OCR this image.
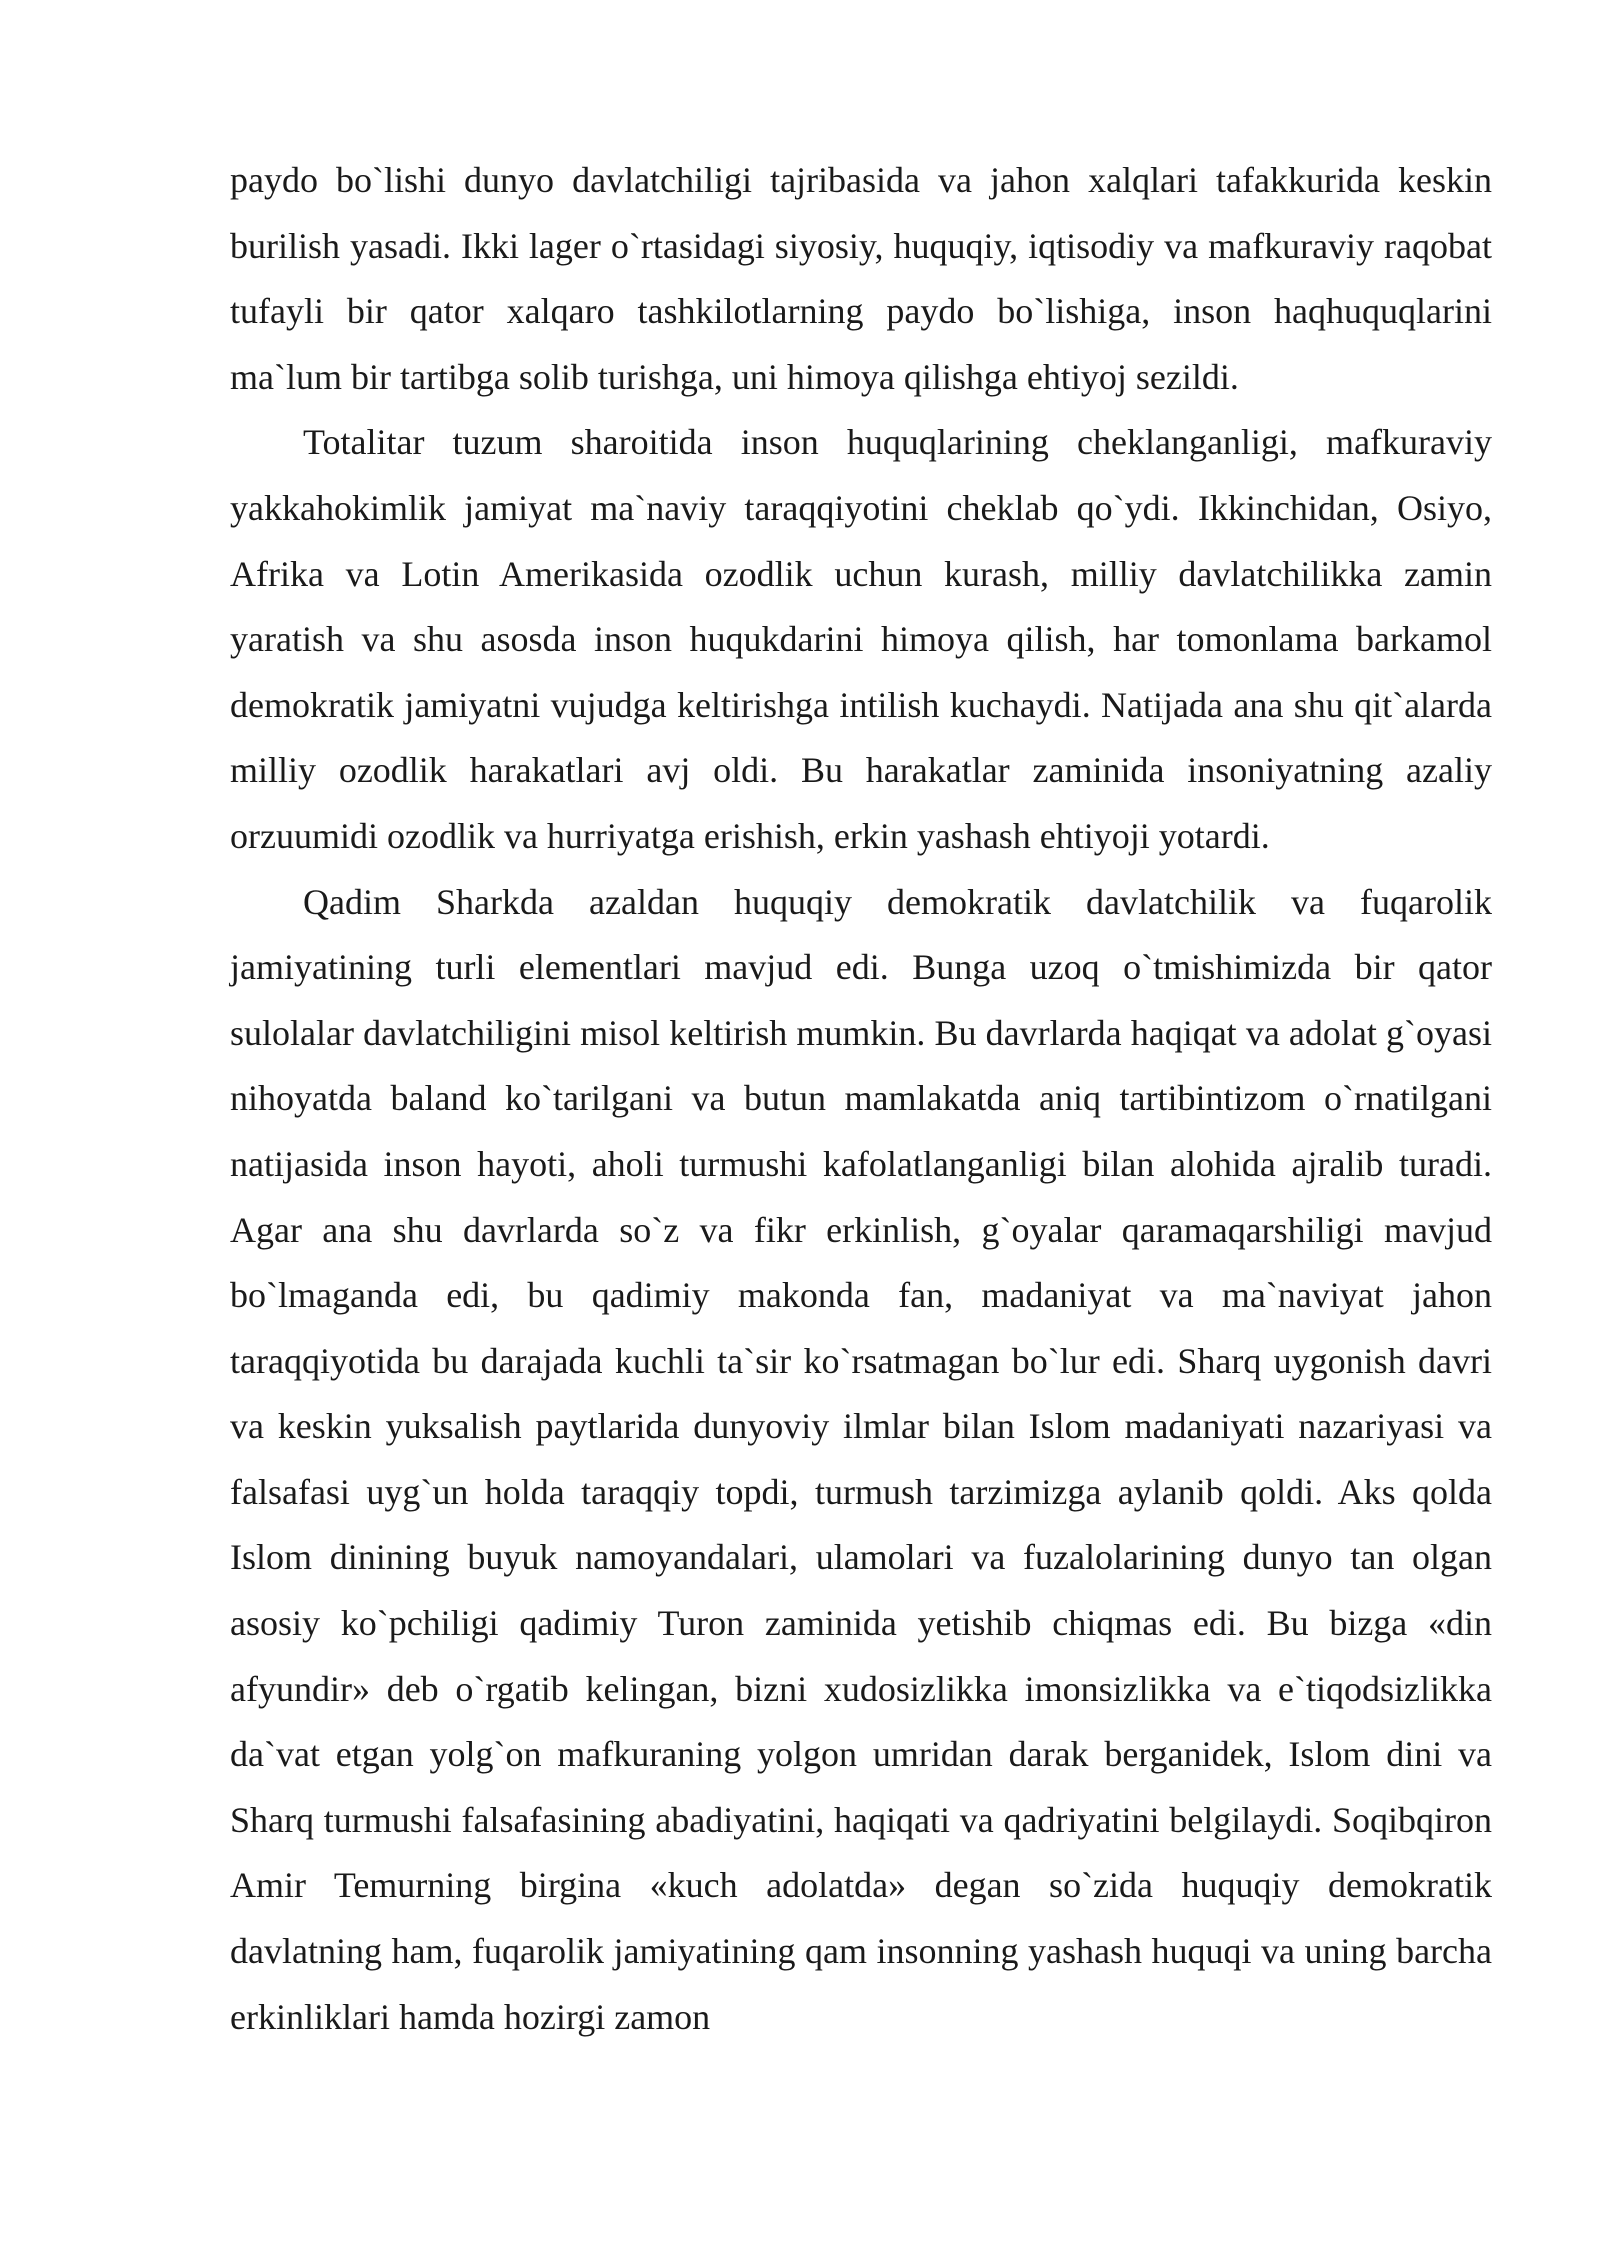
paydo bo`lishi dunyo davlatchiligi tajribasida va jahon xalqlari tafakkurida keskin burilish yasadi. Ikki lager o`rtasidagi siyosiy, huquqiy, iqtisodiy va mafkuraviy raqobat tufayli bir qator xalqaro tashkilotlarning paydo bo`lishiga, inson haqhuquqlarini ma`lum bir tartibga solib turishga, uni himoya qilishga ehtiyoj sezildi.

Totalitar tuzum sharoitida inson huquqlarining cheklanganligi, mafkuraviy yakkahokimlik jamiyat ma`naviy taraqqiyotini cheklab qo`ydi. Ikkinchidan, Osiyo, Afrika va Lotin Amerikasida ozodlik uchun kurash, milliy davlatchilikka zamin yaratish va shu asosda inson huqukdarini himoya qilish, har tomonlama barkamol demokratik jamiyatni vujudga keltirishga intilish kuchaydi. Natijada ana shu qit`alarda milliy ozodlik harakatlari avj oldi. Bu harakatlar zaminida insoniyatning azaliy orzuumidi ozodlik va hurriyatga erishish, erkin yashash ehtiyoji yotardi.

Qadim Sharkda azaldan huquqiy demokratik davlatchilik va fuqarolik jamiyatining turli elementlari mavjud edi. Bunga uzoq o`tmishimizda bir qator sulolalar davlatchiligini misol keltirish mumkin. Bu davrlarda haqiqat va adolat g`oyasi nihoyatda baland ko`tarilgani va butun mamlakatda aniq tartibintizom o`rnatilgani natijasida inson hayoti, aholi turmushi kafolatlanganligi bilan alohida ajralib turadi. Agar ana shu davrlarda so`z va fikr erkinlish, g`oyalar qaramaqarshiligi mavjud bo`lmaganda edi, bu qadimiy makonda fan, madaniyat va ma`naviyat jahon taraqqiyotida bu darajada kuchli ta`sir ko`rsatmagan bo`lur edi. Sharq uygonish davri va keskin yuksalish paytlarida dunyoviy ilmlar bilan Islom madaniyati nazariyasi va falsafasi uyg`un holda taraqqiy topdi, turmush tarzimizga aylanib qoldi. Aks qolda Islom dinining buyuk namoyandalari, ulamolari va fuzalolarining dunyo tan olgan asosiy ko`pchiligi qadimiy Turon zaminida yetishib chiqmas edi. Bu bizga «din afyundir» deb o`rgatib kelingan, bizni xudosizlikka imonsizlikka va e`tiqodsizlikka da`vat etgan yolg`on mafkuraning yolgon umridan darak berganidek, Islom dini va Sharq turmushi falsafasining abadiyatini, haqiqati va qadriyatini belgilaydi. Soqibqiron Amir Temurning birgina «kuch adolatda» degan so`zida huquqiy demokratik davlatning ham, fuqarolik jamiyatining qam insonning yashash huquqi va uning barcha erkinliklari hamda hozirgi zamon
